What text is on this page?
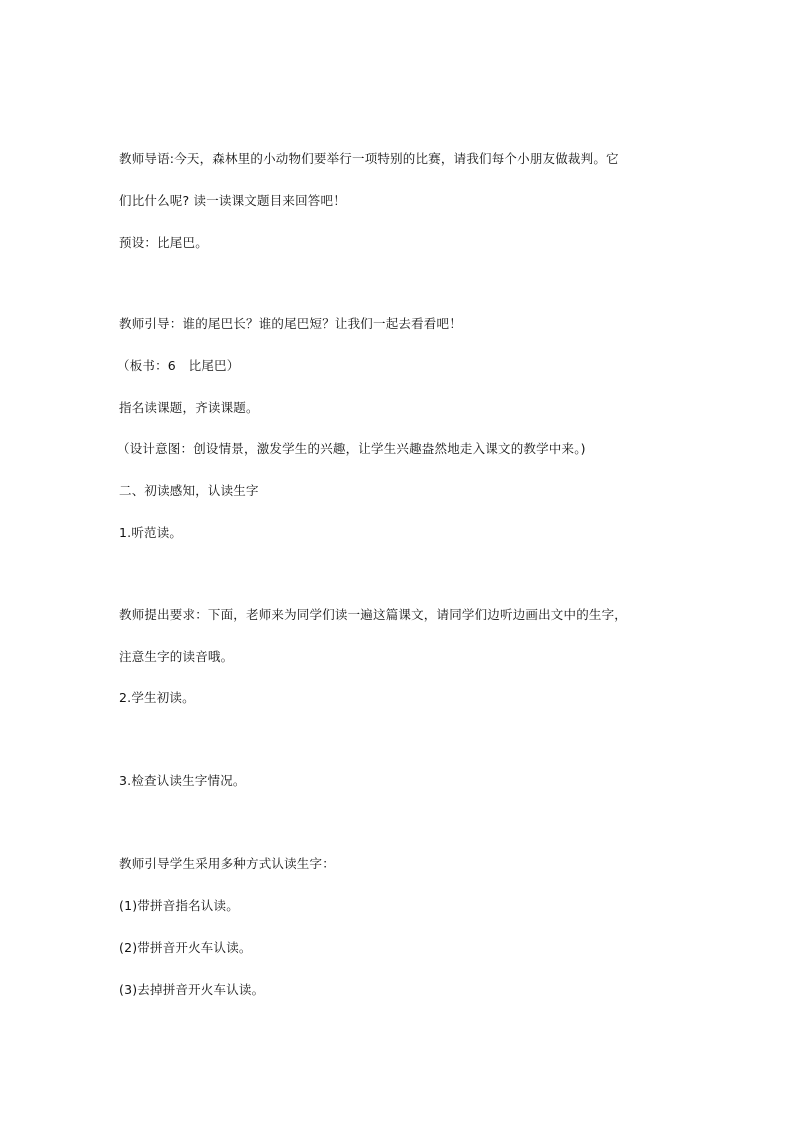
教师导语:今天，森林里的小动物们要举行一项特别的比赛，请我们每个小朋友做裁判。它
们比什么呢? 读一读课文题目来回答吧！
预设：比尾巴。
教师引导：谁的尾巴长？谁的尾巴短？让我们一起去看看吧！
（板书：6　比尾巴）
指名读课题，齐读课题。
（设计意图：创设情景，激发学生的兴趣，让学生兴趣盎然地走入课文的教学中来。)
二、初读感知，认读生字
1.听范读。
教师提出要求：下面，老师来为同学们读一遍这篇课文，请同学们边听边画出文中的生字，
注意生字的读音哦。
2.学生初读。
3.检查认读生字情况。
教师引导学生采用多种方式认读生字：
(1)带拼音指名认读。
(2)带拼音开火车认读。
(3)去掉拼音开火车认读。
